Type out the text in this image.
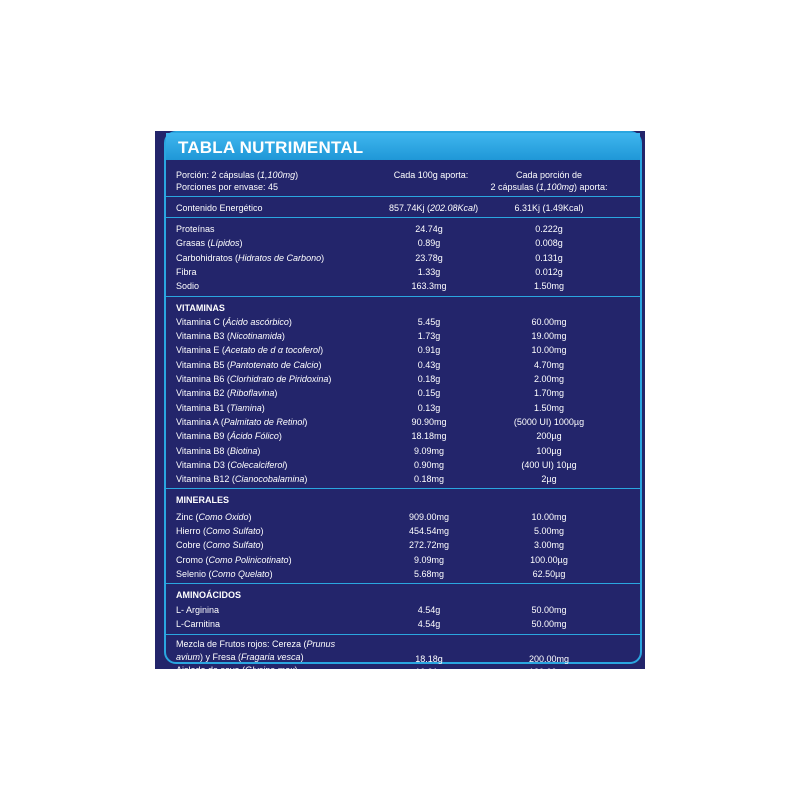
TABLA NUTRIMENTAL
Porción: 2 cápsulas (1,100mg)
Porciones por envase: 45
Cada 100g aporta:	Cada porción de
2 cápsulas (1,100mg) aporta:
Contenido Energético	857.74Kj (202.08Kcal)	6.31Kj (1.49Kcal)
Proteínas	24.74g	0.222g
Grasas (Lípidos)	0.89g	0.008g
Carbohidratos (Hidratos de Carbono)	23.78g	0.131g
Fibra	1.33g	0.012g
Sodio	163.3mg	1.50mg
VITAMINAS
Vitamina C (Ácido ascórbico)	5.45g	60.00mg
Vitamina B3 (Nicotinamida)	1.73g	19.00mg
Vitamina E (Acetato de d α tocoferol)	0.91g	10.00mg
Vitamina B5 (Pantotenato de Calcio)	0.43g	4.70mg
Vitamina B6 (Clorhidrato de Piridoxina)	0.18g	2.00mg
Vitamina B2 (Riboflavina)	0.15g	1.70mg
Vitamina B1 (Tiamina)	0.13g	1.50mg
Vitamina A (Palmitato de Retinol)	90.90mg	(5000 UI) 1000µg
Vitamina B9 (Ácido Fólico)	18.18mg	200µg
Vitamina B8 (Biotina)	9.09mg	100µg
Vitamina D3 (Colecalciferol)	0.90mg	(400 UI) 10µg
Vitamina B12 (Cianocobalamina)	0.18mg	2µg
MINERALES
Zinc (Como Oxido)	909.00mg	10.00mg
Hierro (Como Sulfato)	454.54mg	5.00mg
Cobre (Como Sulfato)	272.72mg	3.00mg
Cromo (Como Polinicotinato)	9.09mg	100.00µg
Selenio (Como Quelato)	5.68mg	62.50µg
AMINOÁCIDOS
L- Arginina	4.54g	50.00mg
L-Carnitina	4.54g	50.00mg
Mezcla de Frutos rojos: Cereza (Prunus
avium) y Fresa (Fragaria vesca)	18.18g	200.00mg
Aislado de soya (Glycine max)	10.91g	120.00mg
